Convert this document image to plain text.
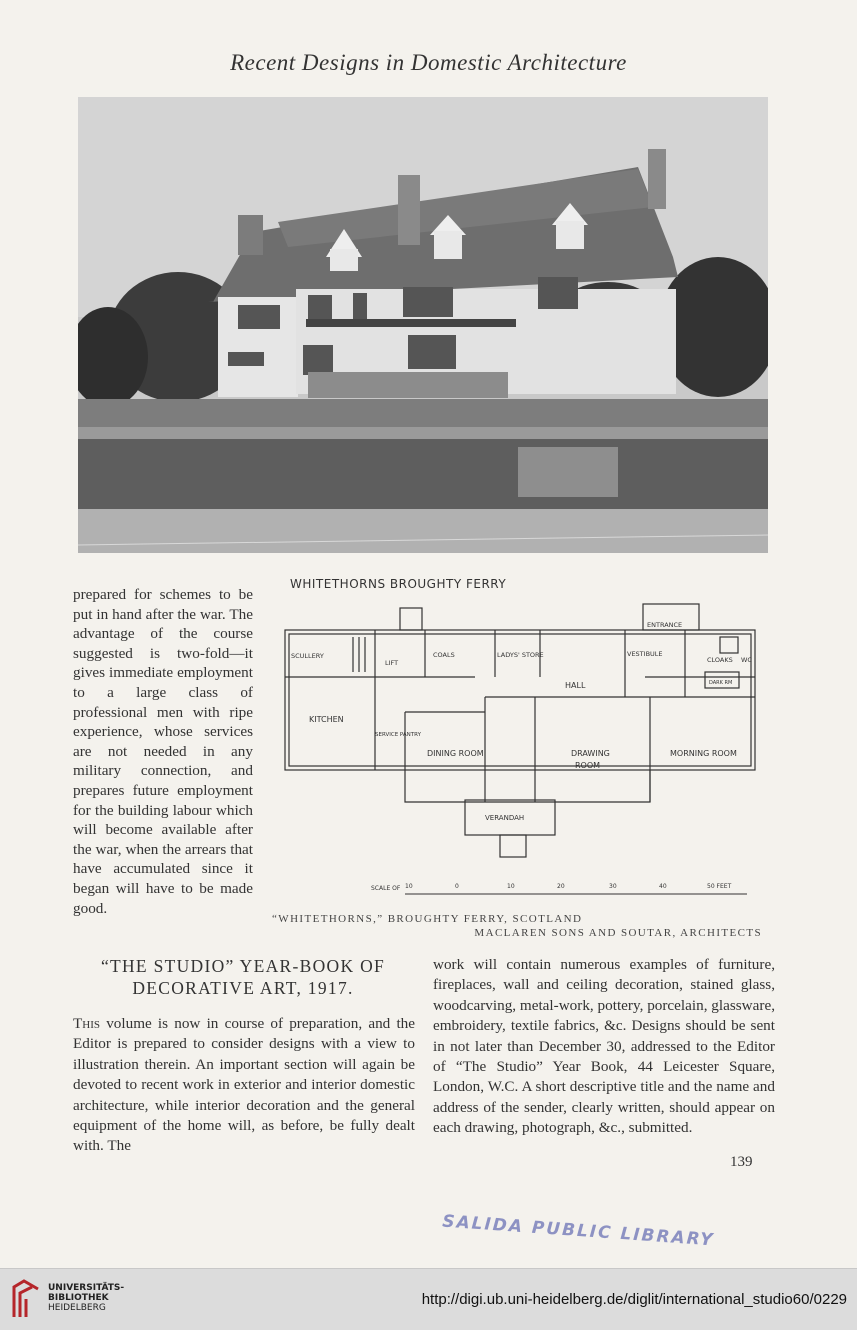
Recent Designs in Domestic Architecture
prepared for schemes to be put in hand after the war. The advantage of the course suggested is two-fold—it gives immediate employment to a large class of professional men with ripe experience, whose services are not needed in any military connection, and prepares future employment for the building labour which will become available after the war, when the arrears that have accumulated since it began will have to be made good.
WHITETHORNS BROUGHTY FERRY
ENTRANCE
SCULLERY
LIFT
COALS	LADYS' STORE	VESTIBULE
CLOAKS WC
DARK RM
HALL
KITCHEN
SERVICE PANTRY
DINING ROOM	DRAWING
ROOM
MORNING ROOM
VERANDAH
SCALE OF 10	0	10	20	30	40	50 FEET
“WHITETHORNS,” BROUGHTY FERRY, SCOTLAND
MACLAREN SONS AND SOUTAR, ARCHITECTS
“THE STUDIO” YEAR-BOOK OF DECORATIVE ART, 1917.
This volume is now in course of preparation, and the Editor is prepared to consider designs with a view to illustration therein. An important section will again be devoted to recent work in exterior and interior domestic architecture, while interior decoration and the general equipment of the home will, as before, be fully dealt with. The
work will contain numerous examples of furniture, fireplaces, wall and ceiling decoration, stained glass, woodcarving, metal-work, pottery, porcelain, glassware, embroidery, textile fabrics, &c. Designs should be sent in not later than December 30, addressed to the Editor of “The Studio” Year Book, 44 Leicester Square, London, W.C. A short descriptive title and the name and address of the sender, clearly written, should appear on each drawing, photograph, &c., submitted.
139
SALIDA PUBLIC LIBRARY
UNIVERSITÄTS-
BIBLIOTHEK
HEIDELBERG	http://digi.ub.uni-heidelberg.de/diglit/international_studio60/0229
